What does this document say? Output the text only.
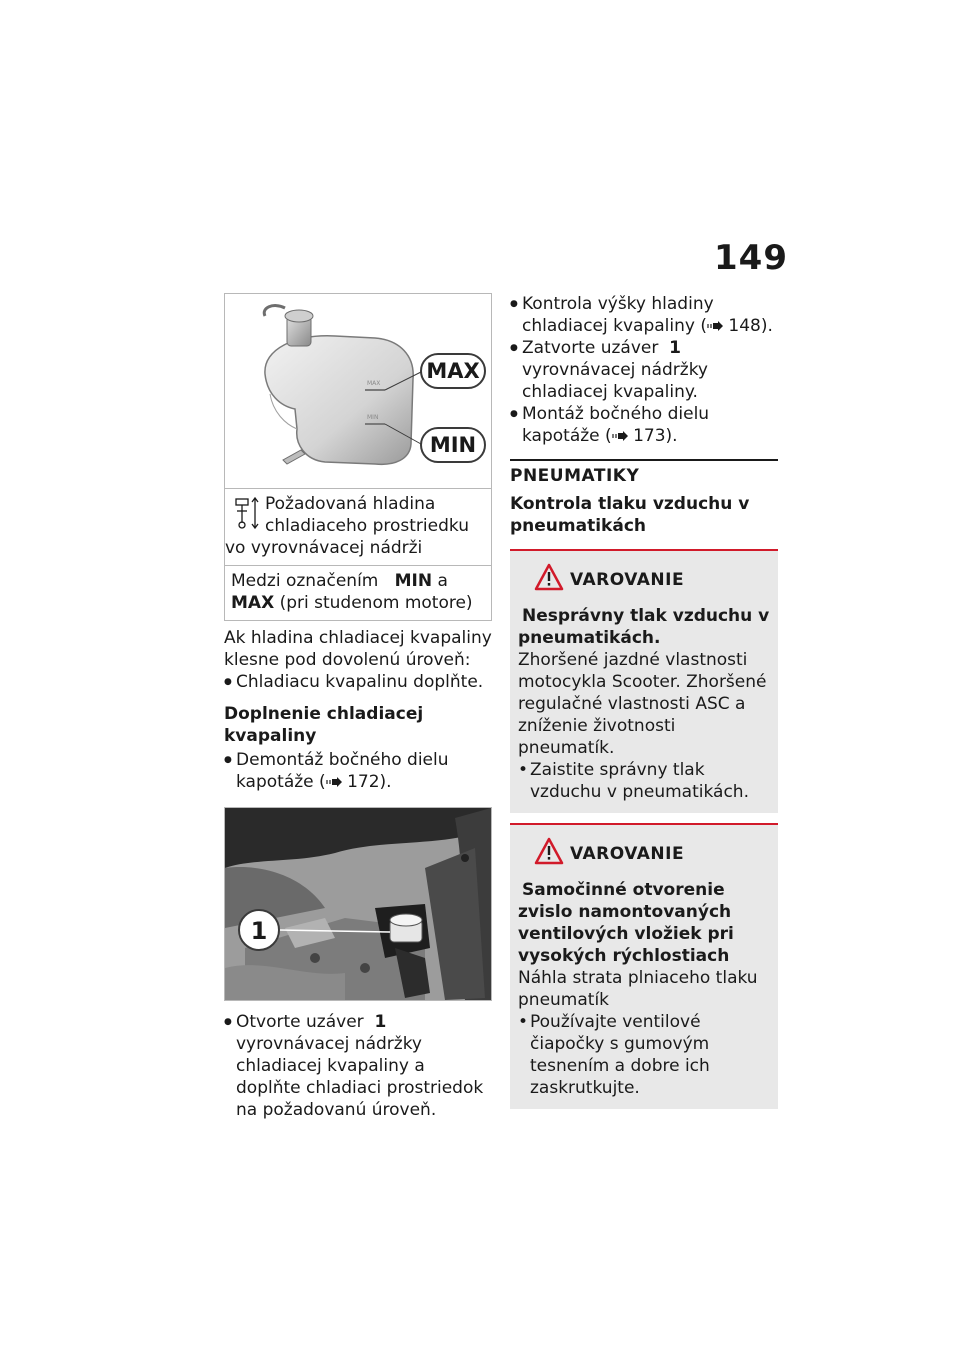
149
MAX
MIN
MAX
MIN
Požadovaná hladina
chladiaceho prostriedku
vo vyrovnávacej nádrži
Medzi označením MIN a
MAX (pri studenom motore)

Ak hladina chladiacej kvapaliny klesne pod dovolenú úroveň:

● Chladiacu kvapalinu doplňte.
Doplnenie chladiacej kvapaliny
● Demontáž bočného dielu kapotáže ( 172).
1
● Otvorte uzáver 1 vyrovnávacej nádržky chladiacej kvapaliny a doplňte chladiaci prostriedok na požadovanú úroveň.
● Kontrola výšky hladiny chladiacej kvapaliny ( 148).
● Zatvorte uzáver 1 vyrovnávacej nádržky chladiacej kvapaliny.
● Montáž bočného dielu kapotáže ( 173).
PNEUMATIKY
Kontrola tlaku vzduchu v pneumatikách
VAROVANIE

Nesprávny tlak vzduchu v pneumatikách.

Zhoršené jazdné vlastnosti motocykla Scooter. Zhoršené regulačné vlastnosti ASC a zníženie životnosti pneumatík.

• Zaistite správny tlak vzduchu v pneumatikách.
VAROVANIE

Samočinné otvorenie zvislo namontovaných ventilových vložiek pri vysokých rýchlostiach

Náhla strata plniaceho tlaku pneumatík

• Používajte ventilové čiapočky s gumovým tesnením a dobre ich zaskrutkujte.
